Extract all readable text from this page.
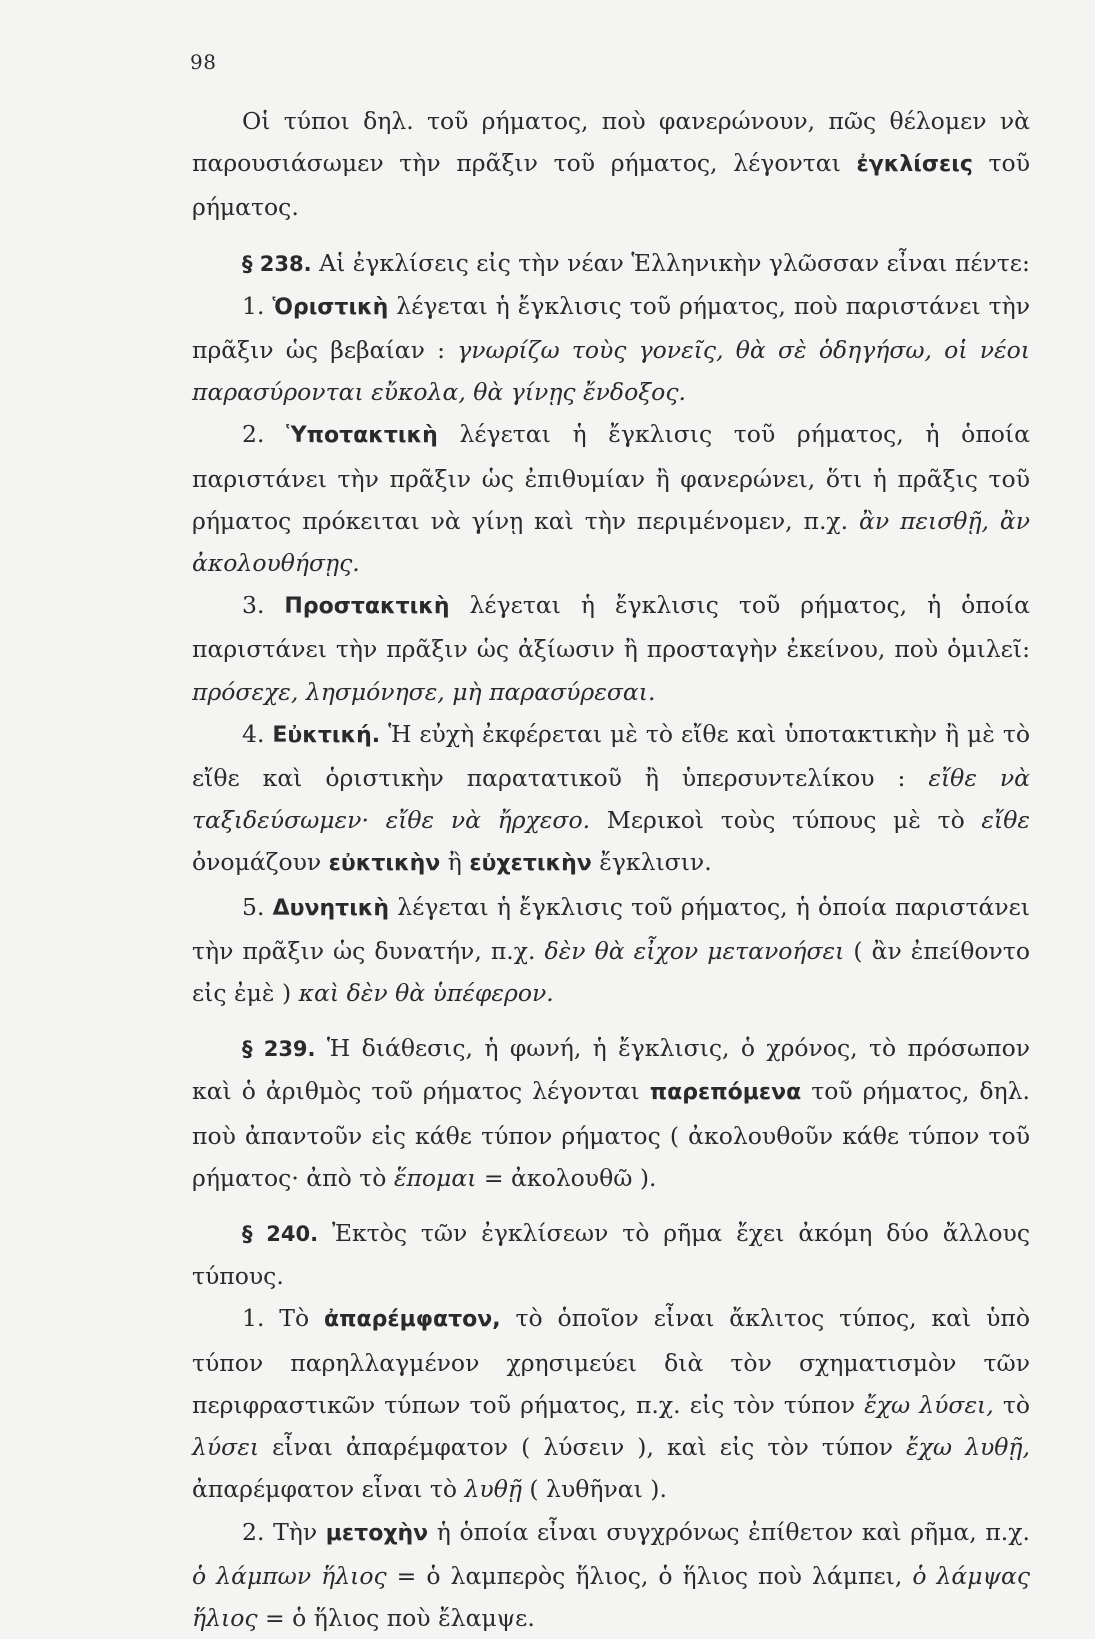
98

Οἱ τύποι δηλ. τοῦ ρήματος, ποὺ φανερώνουν, πῶς θέλομεν νὰ παρουσιάσωμεν τὴν πρᾶξιν τοῦ ρήματος, λέγονται ἐγκλίσεις τοῦ ρήματος.

§ 238. Αἱ ἐγκλίσεις εἰς τὴν νέαν Ἑλληνικὴν γλῶσσαν εἶναι πέντε:

1. Ὁριστικὴ λέγεται ἡ ἔγκλισις τοῦ ρήματος, ποὺ παριστάνει τὴν πρᾶξιν ὡς βεβαίαν : γνωρίζω τοὺς γονεῖς, θὰ σὲ ὁδηγήσω, οἱ νέοι παρασύρονται εὔκολα, θὰ γίνῃς ἔνδοξος.

2. Ὑποτακτικὴ λέγεται ἡ ἔγκλισις τοῦ ρήματος, ἡ ὁποία παριστάνει τὴν πρᾶξιν ὡς ἐπιθυμίαν ἢ φανερώνει, ὅτι ἡ πρᾶξις τοῦ ρήματος πρόκειται νὰ γίνῃ καὶ τὴν περιμένομεν, π.χ. ἂν πεισθῇ, ἂν ἀκολουθήσῃς.

3. Προστακτικὴ λέγεται ἡ ἔγκλισις τοῦ ρήματος, ἡ ὁποία παριστάνει τὴν πρᾶξιν ὡς ἀξίωσιν ἢ προσταγὴν ἐκείνου, ποὺ ὁμιλεῖ: πρόσεχε, λησμόνησε, μὴ παρασύρεσαι.

4. Εὐκτική. Ἡ εὐχὴ ἐκφέρεται μὲ τὸ εἴθε καὶ ὑποτακτικὴν ἢ μὲ τὸ εἴθε καὶ ὁριστικὴν παρατατικοῦ ἢ ὑπερσυντελίκου : εἴθε νὰ ταξιδεύσωμεν· εἴθε νὰ ἤρχεσο. Μερικοὶ τοὺς τύπους μὲ τὸ εἴθε ὀνομάζουν εὐκτικὴν ἢ εὐχετικὴν ἔγκλισιν.

5. Δυνητικὴ λέγεται ἡ ἔγκλισις τοῦ ρήματος, ἡ ὁποία παριστάνει τὴν πρᾶξιν ὡς δυνατήν, π.χ. δὲν θὰ εἶχον μετανοήσει ( ἂν ἐπείθοντο εἰς ἐμὲ ) καὶ δὲν θὰ ὑπέφερον.

§ 239. Ἡ διάθεσις, ἡ φωνή, ἡ ἔγκλισις, ὁ χρόνος, τὸ πρόσωπον καὶ ὁ ἀριθμὸς τοῦ ρήματος λέγονται παρεπόμενα τοῦ ρήματος, δηλ. ποὺ ἀπαντοῦν εἰς κάθε τύπον ρήματος ( ἀκολουθοῦν κάθε τύπον τοῦ ρήματος· ἀπὸ τὸ ἕπομαι = ἀκολουθῶ ).

§ 240. Ἐκτὸς τῶν ἐγκλίσεων τὸ ρῆμα ἔχει ἀκόμη δύο ἄλλους τύπους.

1. Τὸ ἀπαρέμφατον, τὸ ὁποῖον εἶναι ἄκλιτος τύπος, καὶ ὑπὸ τύπον παρηλλαγμένον χρησιμεύει διὰ τὸν σχηματισμὸν τῶν περιφραστικῶν τύπων τοῦ ρήματος, π.χ. εἰς τὸν τύπον ἔχω λύσει, τὸ λύσει εἶναι ἀπαρέμφατον ( λύσειν ), καὶ εἰς τὸν τύπον ἔχω λυθῇ, ἀπαρέμφατον εἶναι τὸ λυθῇ ( λυθῆναι ).

2. Τὴν μετοχὴν ἡ ὁποία εἶναι συγχρόνως ἐπίθετον καὶ ρῆμα, π.χ. ὁ λάμπων ἥλιος = ὁ λαμπερὸς ἥλιος, ὁ ἥλιος ποὺ λάμπει, ὁ λάμψας ἥλιος = ὁ ἥλιος ποὺ ἔλαμψε.
